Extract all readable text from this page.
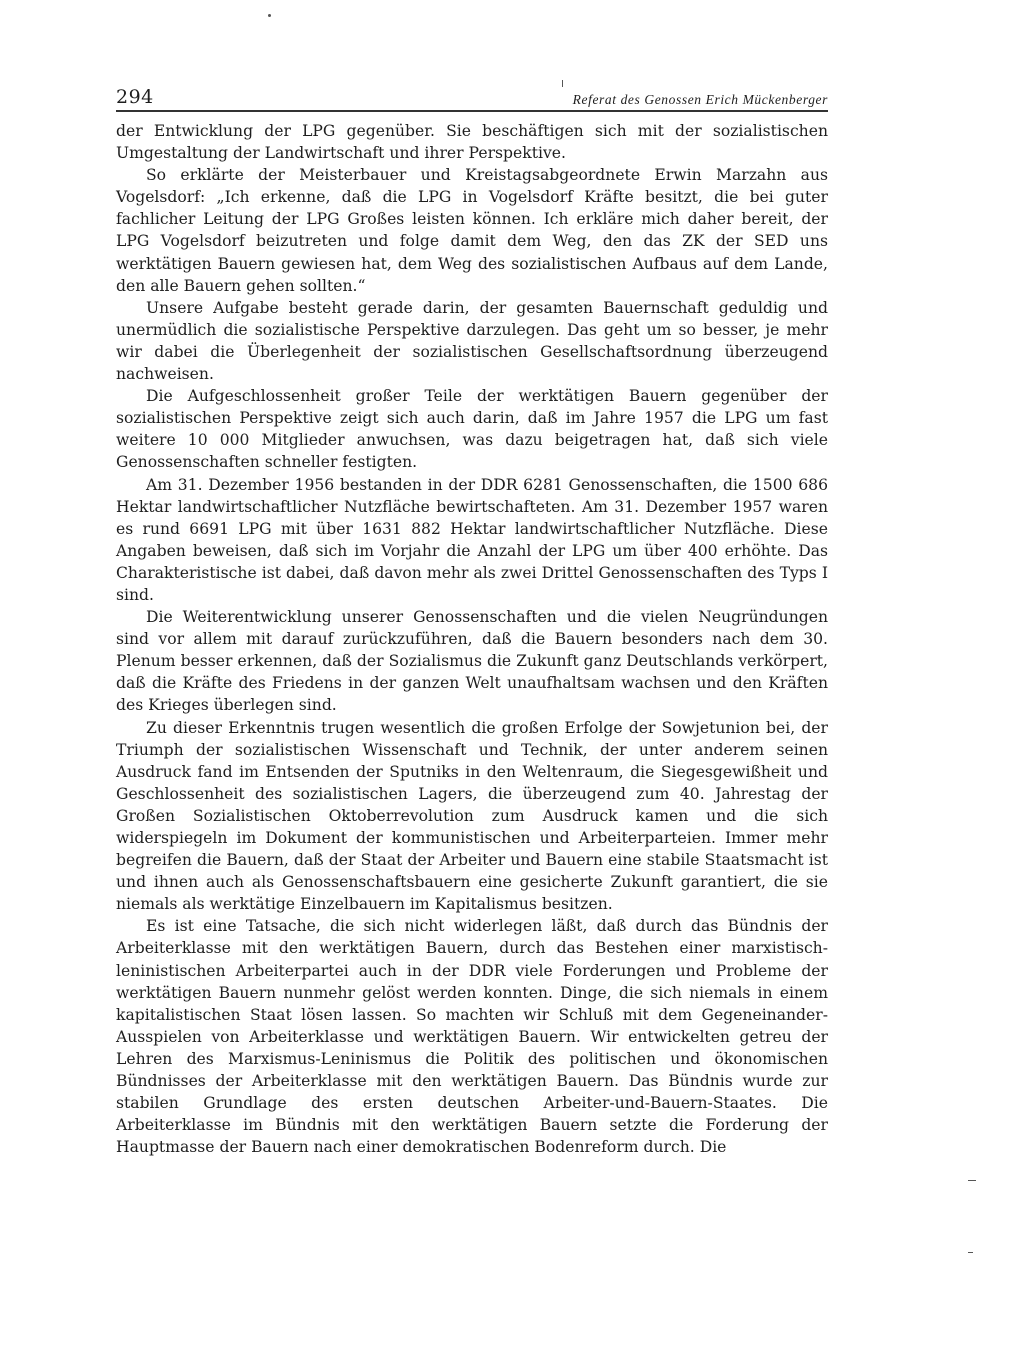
294	Referat des Genossen Erich Mückenberger

der Entwicklung der LPG gegenüber. Sie beschäftigen sich mit der sozialistischen Umgestaltung der Landwirtschaft und ihrer Perspektive.

So erklärte der Meisterbauer und Kreistagsabgeordnete Erwin Marzahn aus Vogelsdorf: „Ich erkenne, daß die LPG in Vogelsdorf Kräfte besitzt, die bei guter fachlicher Leitung der LPG Großes leisten können. Ich erkläre mich daher bereit, der LPG Vogelsdorf beizutreten und folge damit dem Weg, den das ZK der SED uns werktätigen Bauern gewiesen hat, dem Weg des sozialistischen Aufbaus auf dem Lande, den alle Bauern gehen sollten.“

Unsere Aufgabe besteht gerade darin, der gesamten Bauernschaft geduldig und unermüdlich die sozialistische Perspektive darzulegen. Das geht um so besser, je mehr wir dabei die Überlegenheit der sozialistischen Gesellschaftsordnung überzeugend nachweisen.

Die Aufgeschlossenheit großer Teile der werktätigen Bauern gegenüber der sozialistischen Perspektive zeigt sich auch darin, daß im Jahre 1957 die LPG um fast weitere 10 000 Mitglieder anwuchsen, was dazu beigetragen hat, daß sich viele Genossenschaften schneller festigten.

Am 31. Dezember 1956 bestanden in der DDR 6281 Genossenschaften, die 1500 686 Hektar landwirtschaftlicher Nutzfläche bewirtschafteten. Am 31. Dezember 1957 waren es rund 6691 LPG mit über 1631 882 Hektar landwirtschaftlicher Nutzfläche. Diese Angaben beweisen, daß sich im Vorjahr die Anzahl der LPG um über 400 erhöhte. Das Charakteristische ist dabei, daß davon mehr als zwei Drittel Genossenschaften des Typs I sind.

Die Weiterentwicklung unserer Genossenschaften und die vielen Neugründungen sind vor allem mit darauf zurückzuführen, daß die Bauern besonders nach dem 30. Plenum besser erkennen, daß der Sozialismus die Zukunft ganz Deutschlands verkörpert, daß die Kräfte des Friedens in der ganzen Welt unaufhaltsam wachsen und den Kräften des Krieges überlegen sind.

Zu dieser Erkenntnis trugen wesentlich die großen Erfolge der Sowjetunion bei, der Triumph der sozialistischen Wissenschaft und Technik, der unter anderem seinen Ausdruck fand im Entsenden der Sputniks in den Weltenraum, die Siegesgewißheit und Geschlossenheit des sozialistischen Lagers, die überzeugend zum 40. Jahrestag der Großen Sozialistischen Oktoberrevolution zum Ausdruck kamen und die sich widerspiegeln im Dokument der kommunistischen und Arbeiterparteien. Immer mehr begreifen die Bauern, daß der Staat der Arbeiter und Bauern eine stabile Staatsmacht ist und ihnen auch als Genossenschaftsbauern eine gesicherte Zukunft garantiert, die sie niemals als werktätige Einzelbauern im Kapitalismus besitzen.

Es ist eine Tatsache, die sich nicht widerlegen läßt, daß durch das Bündnis der Arbeiterklasse mit den werktätigen Bauern, durch das Bestehen einer marxistisch-leninistischen Arbeiterpartei auch in der DDR viele Forderungen und Probleme der werktätigen Bauern nunmehr gelöst werden konnten. Dinge, die sich niemals in einem kapitalistischen Staat lösen lassen. So machten wir Schluß mit dem Gegeneinander-Ausspielen von Arbeiterklasse und werktätigen Bauern. Wir entwickelten getreu der Lehren des Marxismus-Leninismus die Politik des politischen und ökonomischen Bündnisses der Arbeiterklasse mit den werktätigen Bauern. Das Bündnis wurde zur stabilen Grundlage des ersten deutschen Arbeiter-und-Bauern-Staates. Die Arbeiterklasse im Bündnis mit den werktätigen Bauern setzte die Forderung der Hauptmasse der Bauern nach einer demokratischen Bodenreform durch. Die
